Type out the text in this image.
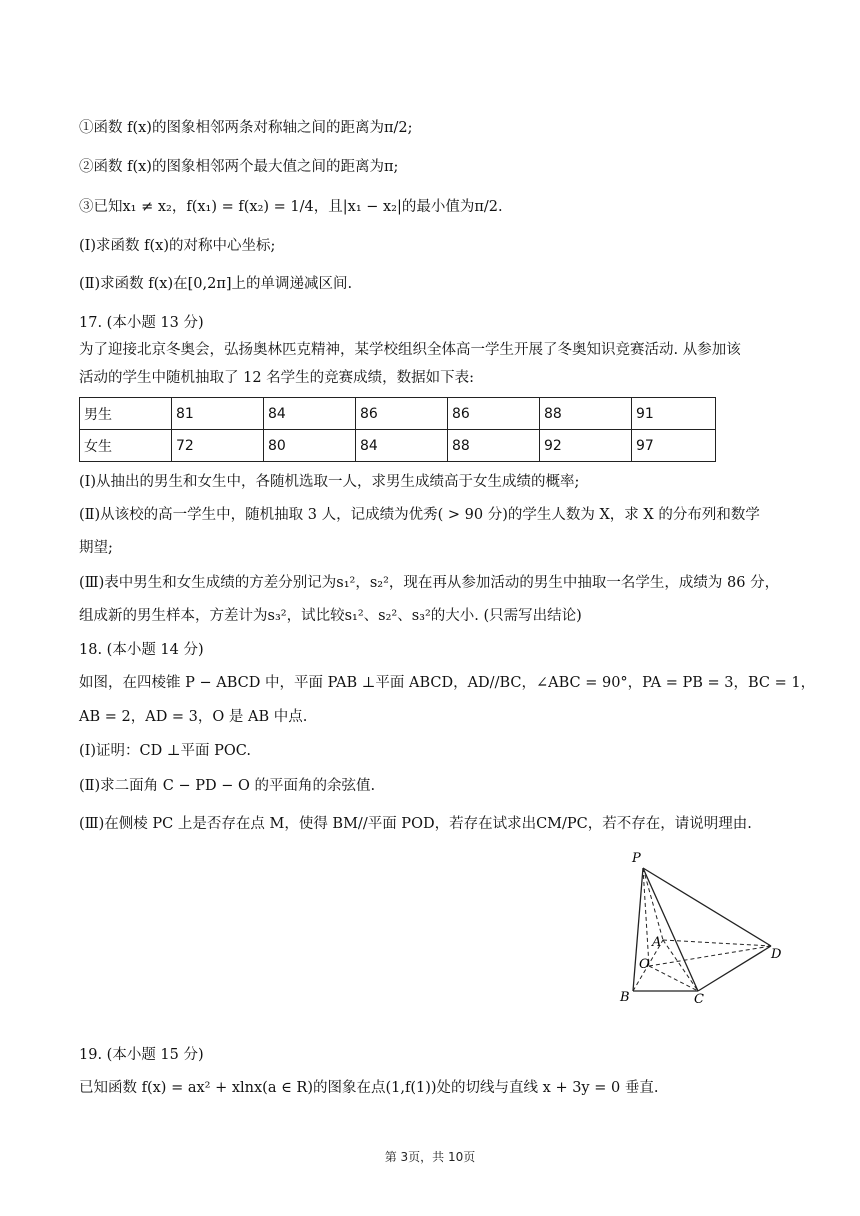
①函数 f(x)的图象相邻两条对称轴之间的距离为π/2;
②函数 f(x)的图象相邻两个最大值之间的距离为π;
③已知x₁ ≠ x₂，f(x₁) = f(x₂) = 1/4，且|x₁ − x₂|的最小值为π/2.
(Ⅰ)求函数 f(x)的对称中心坐标;
(Ⅱ)求函数 f(x)在[0,2π]上的单调递减区间.
17. (本小题 13 分)
为了迎接北京冬奥会，弘扬奥林匹克精神，某学校组织全体高一学生开展了冬奥知识竞赛活动. 从参加该
活动的学生中随机抽取了 12 名学生的竞赛成绩，数据如下表:
男生	81	84	86	86	88	91
女生	72	80	84	88	92	97
(Ⅰ)从抽出的男生和女生中，各随机选取一人，求男生成绩高于女生成绩的概率;
(Ⅱ)从该校的高一学生中，随机抽取 3 人，记成绩为优秀( > 90 分)的学生人数为 X，求 X 的分布列和数学
期望;
(Ⅲ)表中男生和女生成绩的方差分别记为s₁²，s₂²，现在再从参加活动的男生中抽取一名学生，成绩为 86 分，
组成新的男生样本，方差计为s₃²，试比较s₁²、s₂²、s₃²的大小. (只需写出结论)
18. (本小题 14 分)
如图，在四棱锥 P − ABCD 中，平面 PAB ⊥平面 ABCD，AD//BC，∠ABC = 90°，PA = PB = 3，BC = 1，
AB = 2，AD = 3，O 是 AB 中点.
(Ⅰ)证明：CD ⊥平面 POC.
(Ⅱ)求二面角 C − PD − O 的平面角的余弦值.
(Ⅲ)在侧棱 PC 上是否存在点 M，使得 BM//平面 POD，若存在试求出CM/PC，若不存在，请说明理由.
P
A
O
D
B	C
19. (本小题 15 分)
已知函数 f(x) = ax² + xlnx(a ∈ R)的图象在点(1,f(1))处的切线与直线 x + 3y = 0 垂直.
第 3页，共 10页
